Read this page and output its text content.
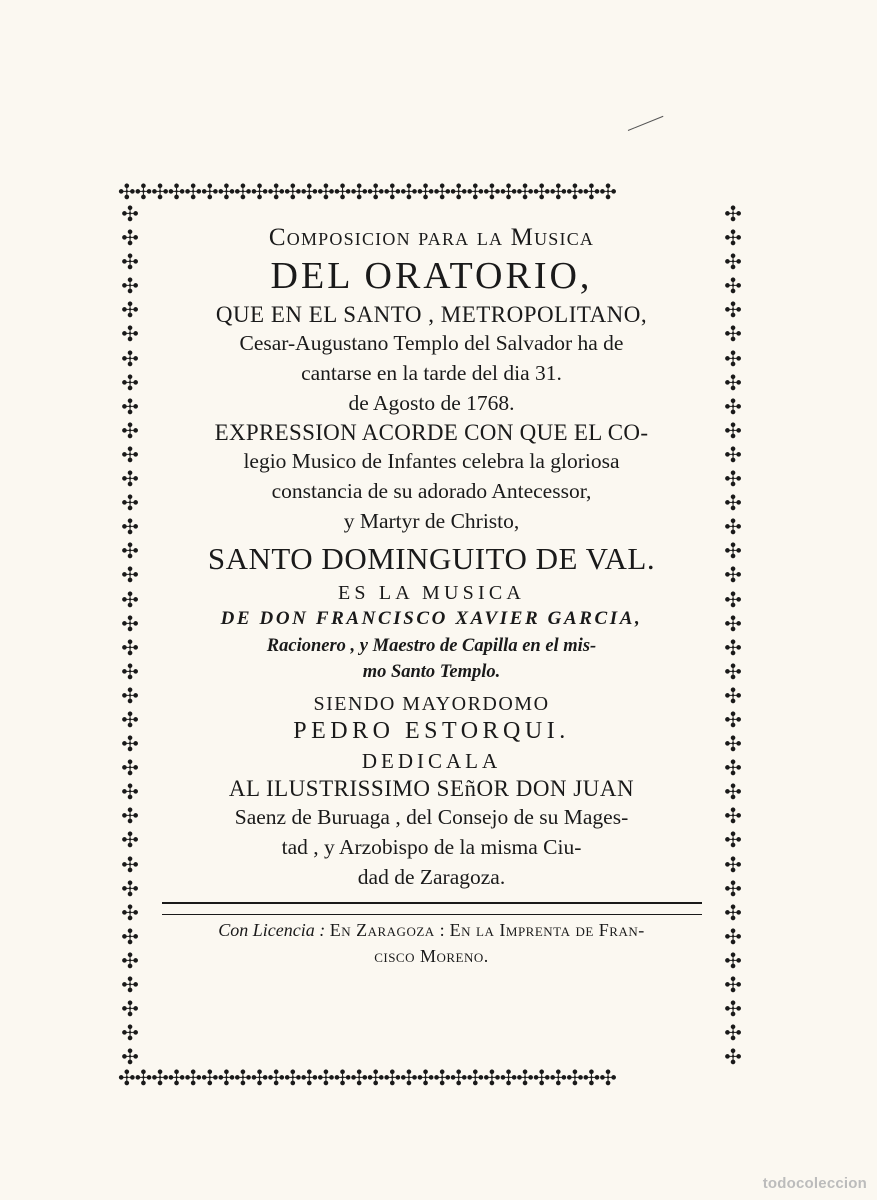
✣✣✣✣✣✣✣✣✣✣✣✣✣✣✣✣✣✣✣✣✣✣✣✣✣✣✣✣✣✣
✣✣✣✣✣✣✣✣✣✣✣✣✣✣✣✣✣✣✣✣✣✣✣✣✣✣✣✣✣✣
✣
✣
✣
✣
✣
✣
✣
✣
✣
✣
✣
✣
✣
✣
✣
✣
✣
✣
✣
✣
✣
✣
✣
✣
✣
✣
✣
✣
✣
✣
✣
✣
✣
✣
✣
✣
✣
✣
✣
✣
✣
✣
✣
✣
✣
✣
✣
✣
✣
✣
✣
✣
✣
✣
✣
✣
✣
✣
✣
✣
✣
✣
✣
✣
✣
✣
✣
✣
✣
✣
✣
✣
Composicion para la Musica
DEL ORATORIO,
QUE EN EL SANTO , METROPOLITANO,
Cesar-Augustano Templo del Salvador ha de
cantarse en la tarde del dia 31.
de Agosto de 1768.
EXPRESSION ACORDE CON QUE EL CO-
legio Musico de Infantes celebra la gloriosa
constancia de su adorado Antecessor,
y Martyr de Christo,
SANTO DOMINGUITO DE VAL.
ES LA MUSICA
DE DON FRANCISCO XAVIER GARCIA,
Racionero , y Maestro de Capilla en el mis-
mo Santo Templo.
SIENDO MAYORDOMO
PEDRO ESTORQUI.
DEDICALA
AL ILUSTRISSIMO SEñOR DON JUAN
Saenz de Buruaga , del Consejo de su Mages-
tad , y Arzobispo de la misma Ciu-
dad de Zaragoza.
Con Licencia : En Zaragoza : En la Imprenta de Fran-
cisco Moreno.
todocoleccion
